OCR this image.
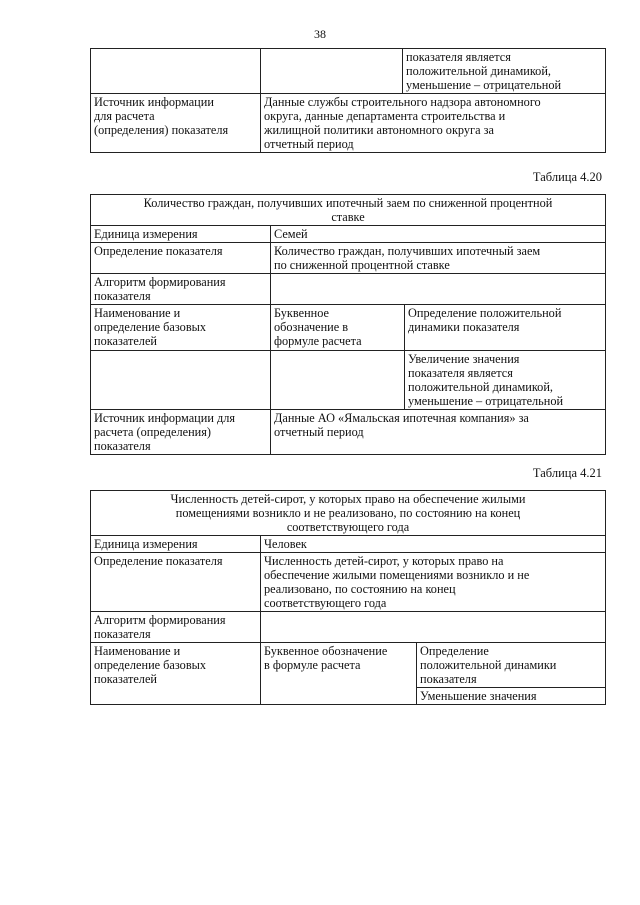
38
		показателя является
положительной динамикой,
уменьшение – отрицательной
Источник информации
для расчета
(определения) показателя	Данные службы строительного надзора автономного
округа, данные департамента строительства и
жилищной политики автономного округа за
отчетный период	
Таблица 4.20
Количество граждан, получивших ипотечный заем по сниженной процентной
ставке		
Единица измерения	Семей	
Определение показателя	Количество граждан, получивших ипотечный заем
по сниженной процентной ставке	
Алгоритм формирования
показателя		
Наименование и
определение базовых
показателей	Буквенное
обозначение в
формуле расчета	Определение положительной
динамики показателя
		Увеличение значения
показателя является
положительной динамикой,
уменьшение – отрицательной
Источник информации для
расчета (определения)
показателя	Данные АО «Ямальская ипотечная компания» за
отчетный период	
Таблица 4.21
Численность детей-сирот, у которых право на обеспечение жилыми
помещениями возникло и не реализовано, по состоянию на конец
соответствующего года		
Единица измерения	Человек	
Определение показателя	Численность детей-сирот, у которых право на
обеспечение жилыми помещениями возникло и не
реализовано, по состоянию на конец
соответствующего года	
Алгоритм формирования
показателя		
Наименование и
определение базовых
показателей	Буквенное обозначение
в формуле расчета	Определение
положительной динамики
показателя
		Уменьшение значения
